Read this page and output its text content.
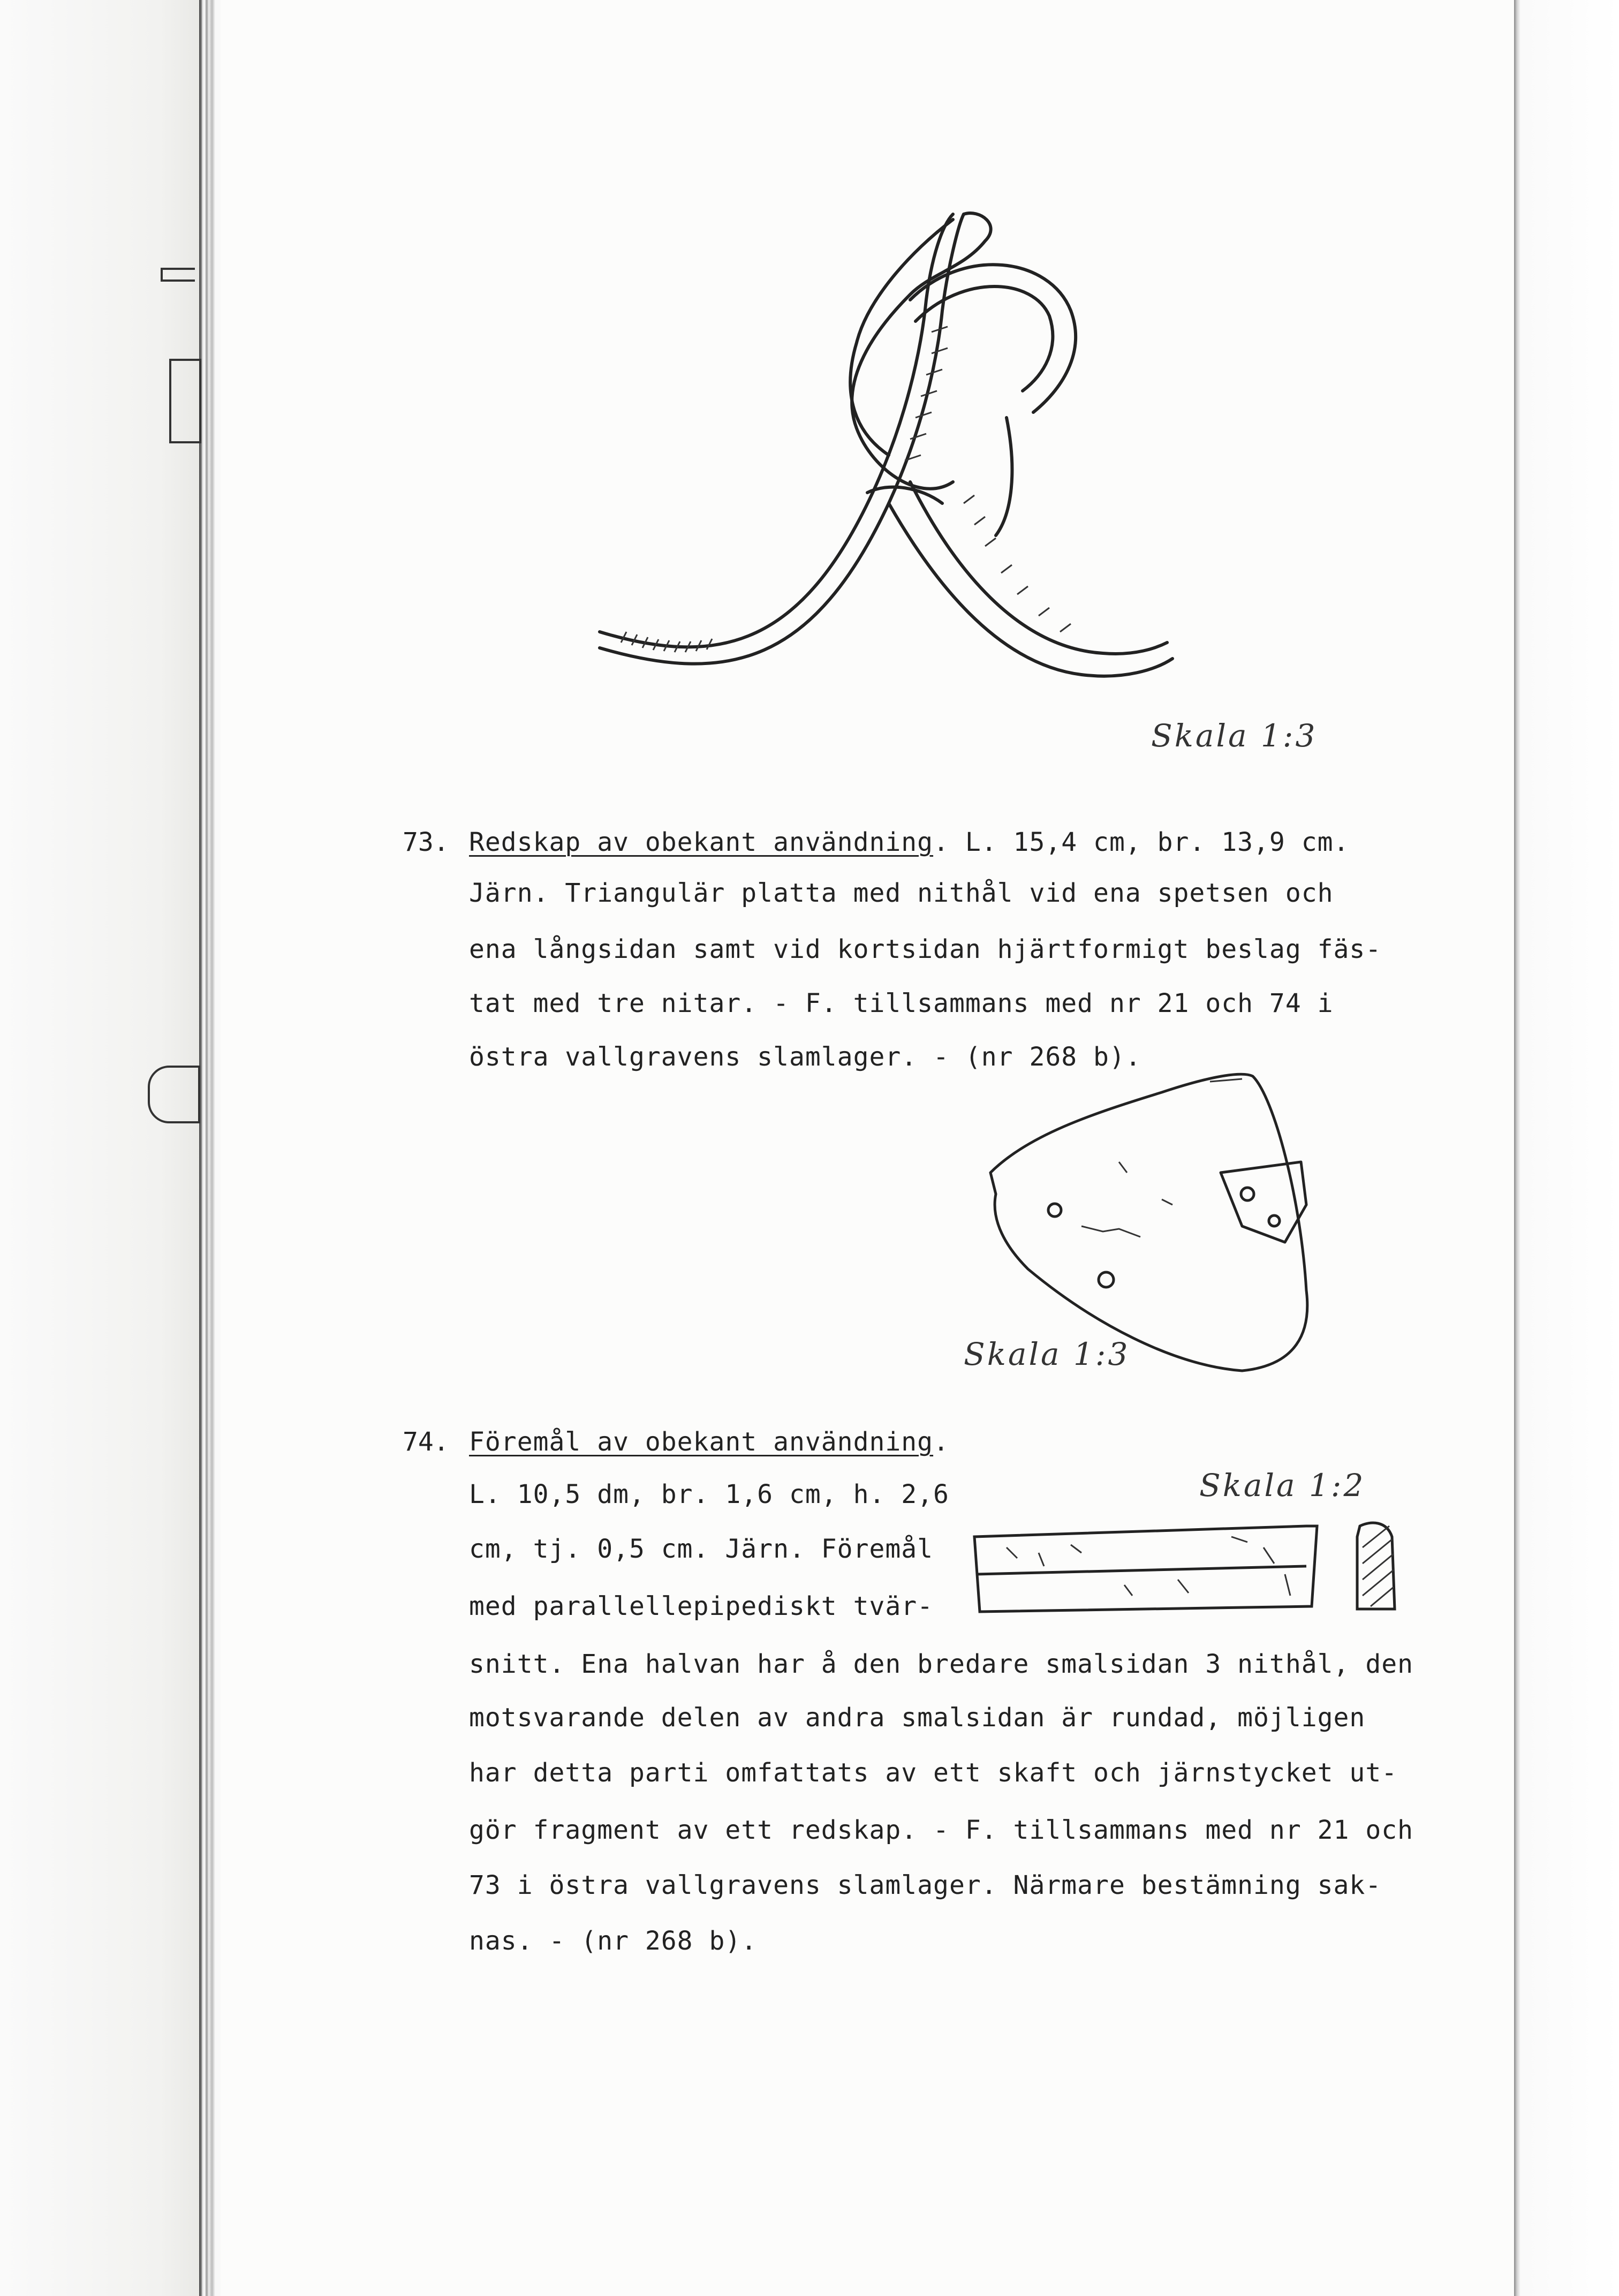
Skala 1:3
73. Redskap av obekant användning. L. 15,4 cm, br. 13,9 cm.
Järn. Triangulär platta med nithål vid ena spetsen och
ena långsidan samt vid kortsidan hjärtformigt beslag fäs-
tat med tre nitar. - F. tillsammans med nr 21 och 74 i
östra vallgravens slamlager. - (nr 268 b).
Skala 1:3
74. Föremål av obekant användning.
L. 10,5 dm, br. 1,6 cm, h. 2,6
cm, tj. 0,5 cm. Järn. Föremål
med parallellepipediskt tvär-
Skala 1:2
snitt. Ena halvan har å den bredare smalsidan 3 nithål, den
motsvarande delen av andra smalsidan är rundad, möjligen
har detta parti omfattats av ett skaft och järnstycket ut-
gör fragment av ett redskap. - F. tillsammans med nr 21 och
73 i östra vallgravens slamlager. Närmare bestämning sak-
nas. - (nr 268 b).
